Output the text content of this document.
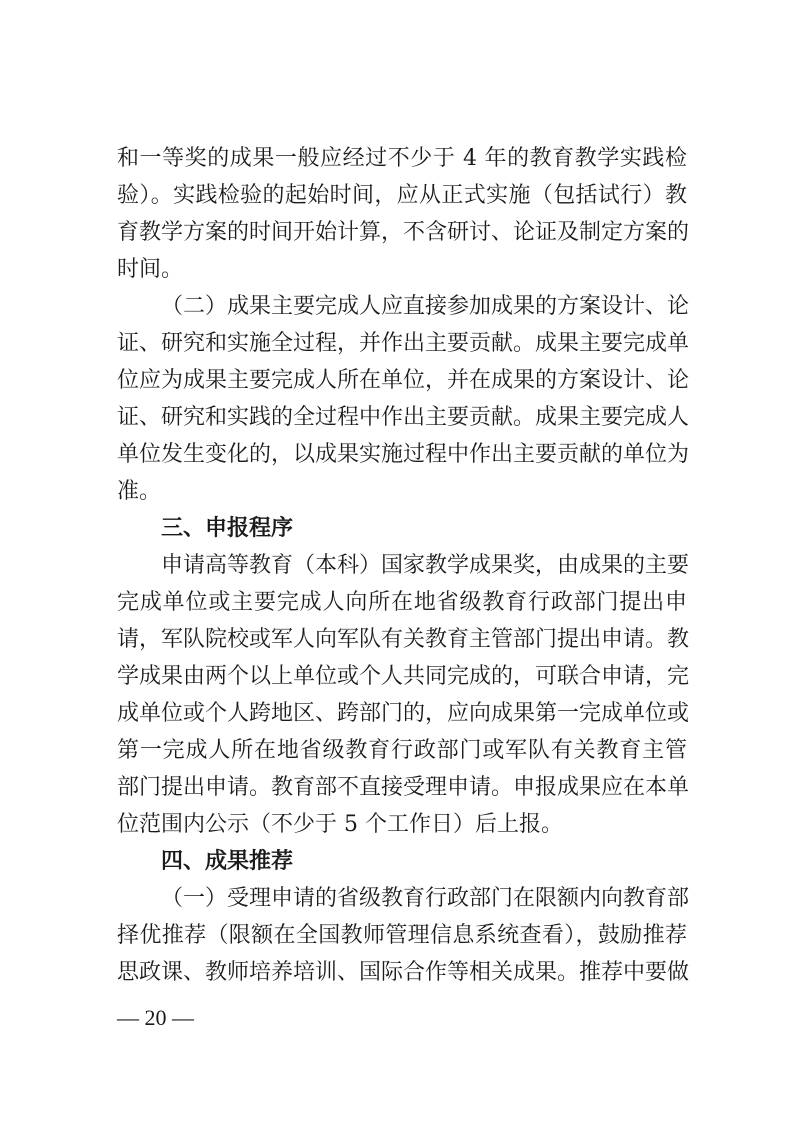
和一等奖的成果一般应经过不少于 4 年的教育教学实践检
验）。实践检验的起始时间，应从正式实施（包括试行）教
育教学方案的时间开始计算，不含研讨、论证及制定方案的
时间。
（二）成果主要完成人应直接参加成果的方案设计、论
证、研究和实施全过程，并作出主要贡献。成果主要完成单
位应为成果主要完成人所在单位，并在成果的方案设计、论
证、研究和实践的全过程中作出主要贡献。成果主要完成人
单位发生变化的，以成果实施过程中作出主要贡献的单位为
准。
三、申报程序
申请高等教育（本科）国家教学成果奖，由成果的主要
完成单位或主要完成人向所在地省级教育行政部门提出申
请，军队院校或军人向军队有关教育主管部门提出申请。教
学成果由两个以上单位或个人共同完成的，可联合申请，完
成单位或个人跨地区、跨部门的，应向成果第一完成单位或
第一完成人所在地省级教育行政部门或军队有关教育主管
部门提出申请。教育部不直接受理申请。申报成果应在本单
位范围内公示（不少于 5 个工作日）后上报。
四、成果推荐
（一）受理申请的省级教育行政部门在限额内向教育部
择优推荐（限额在全国教师管理信息系统查看），鼓励推荐
思政课、教师培养培训、国际合作等相关成果。推荐中要做
— 20 —
